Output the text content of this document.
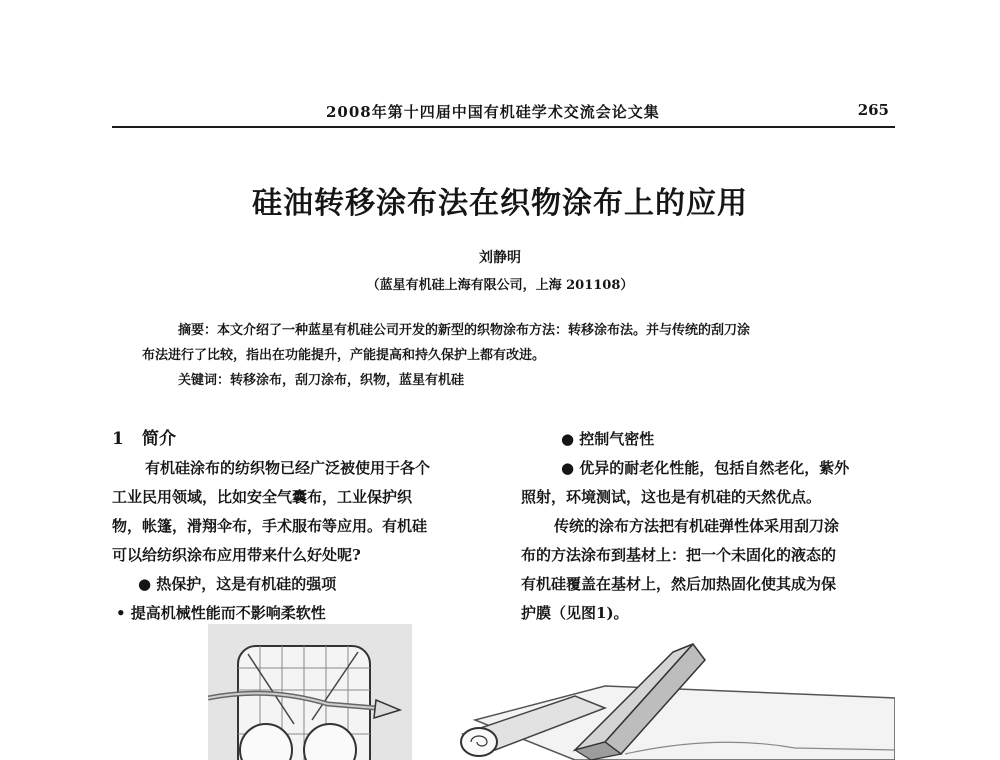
2008年第十四届中国有机硅学术交流会论文集	265
硅油转移涂布法在织物涂布上的应用
刘静明
（蓝星有机硅上海有限公司，上海 201108）

摘要：本文介绍了一种蓝星有机硅公司开发的新型的织物涂布方法：转移涂布法。并与传统的刮刀涂

布法进行了比较，指出在功能提升，产能提高和持久保护上都有改进。

关键词：转移涂布，刮刀涂布，织物，蓝星有机硅
1 简介
有机硅涂布的纺织物已经广泛被使用于各个
工业民用领域，比如安全气囊布，工业保护织
物，帐篷，滑翔伞布，手术服布等应用。有机硅
可以给纺织涂布应用带来什么好处呢?
● 热保护，这是有机硅的强项
• 提高机械性能而不影响柔软性
● 控制气密性
● 优异的耐老化性能，包括自然老化，紫外
照射，环境测试，这也是有机硅的天然优点。
传统的涂布方法把有机硅弹性体采用刮刀涂
布的方法涂布到基材上：把一个未固化的液态的
有机硅覆盖在基材上，然后加热固化使其成为保
护膜（见图1)。
